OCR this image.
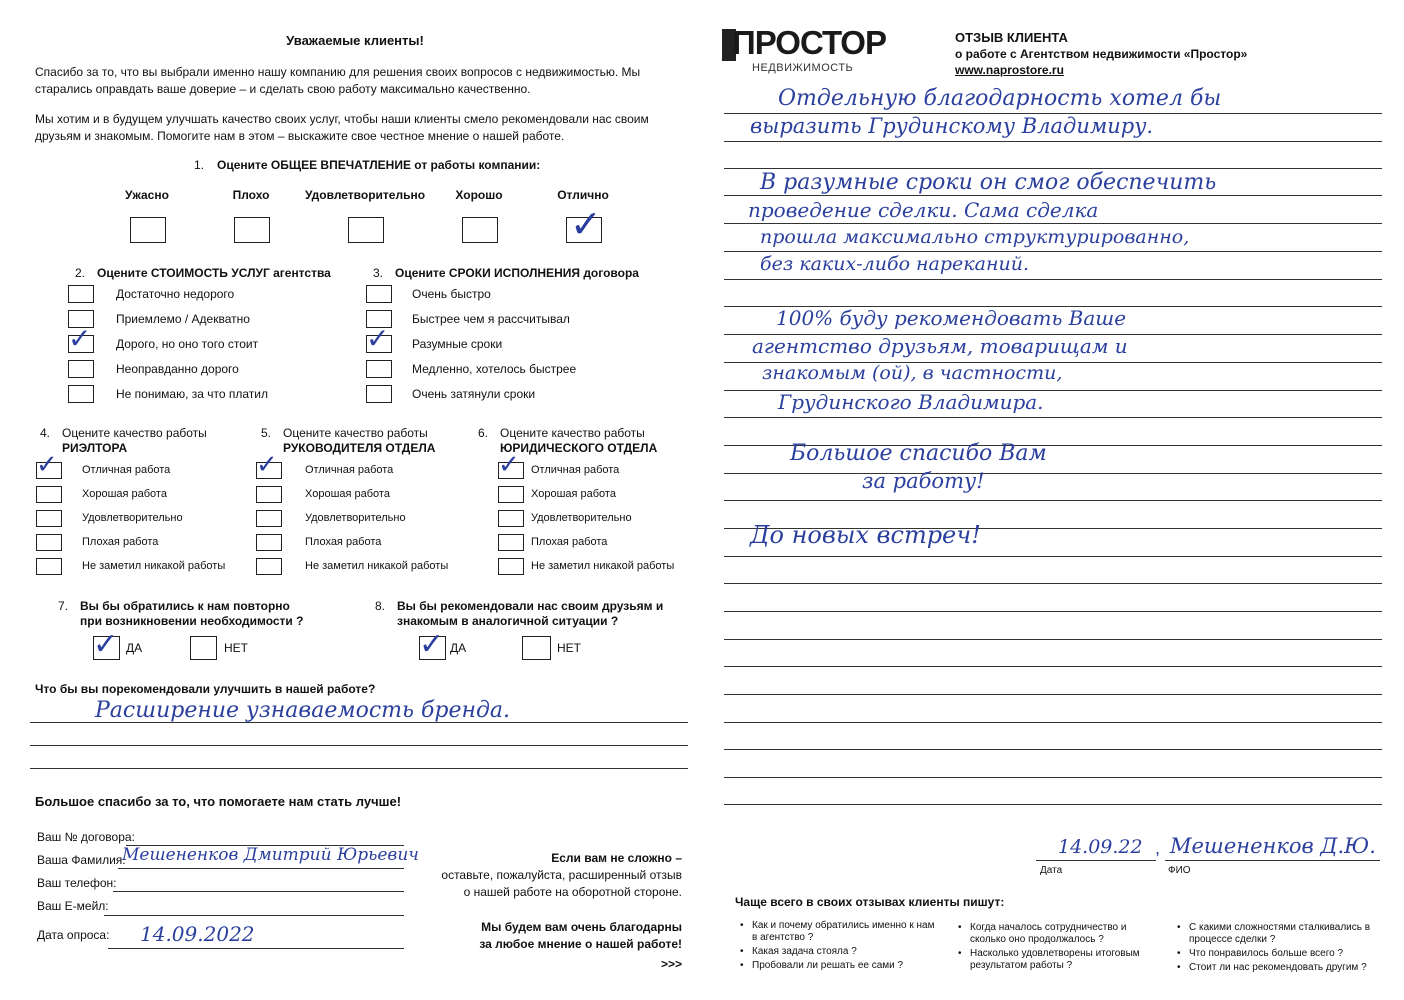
Уважаемые клиенты!
Спасибо за то, что вы выбрали именно нашу компанию для решения своих вопросов с недвижимостью. Мы старались оправдать ваше доверие – и сделать свою работу максимально качественно.
Мы хотим и в будущем улучшать качество своих услуг, чтобы наши клиенты смело рекомендовали нас своим друзьям и знакомым. Помогите нам в этом – выскажите свое честное мнение о нашей работе.
1. Оцените ОБЩЕЕ ВПЕЧАТЛЕНИЕ от работы компании:
Ужасно	Плохо	Удовлетворительно	Хорошо	Отлично
✓
2. Оцените СТОИМОСТЬ УСЛУГ агентства
Достаточно недорого
Приемлемо / Адекватно
Дорого, но оно того стоит
✓
Неоправданно дорого
Не понимаю, за что платил
3. Оцените СРОКИ ИСПОЛНЕНИЯ договора
Очень быстро
Быстрее чем я рассчитывал
Разумные сроки
✓
Медленно, хотелось быстрее
Очень затянули сроки
4. Оцените качество работы
РИЭЛТОРА
5. Оцените качество работы
РУКОВОДИТЕЛЯ ОТДЕЛА
6. Оцените качество работы
ЮРИДИЧЕСКОГО ОТДЕЛА
Отличная работа
✓
Хорошая работа
Удовлетворительно
Плохая работа
Не заметил никакой работы
Отличная работа
✓
Хорошая работа
Удовлетворительно
Плохая работа
Не заметил никакой работы
Отличная работа
✓
Хорошая работа
Удовлетворительно
Плохая работа
Не заметил никакой работы
7. Вы бы обратились к нам повторно
при возникновении необходимости ?
✓ ДА	НЕТ
8. Вы бы рекомендовали нас своим друзьям и
знакомым в аналогичной ситуации ?
✓ ДА	НЕТ
Что бы вы порекомендовали улучшить в нашей работе?
Расширение узнаваемость бренда.
Большое спасибо за то, что помогаете нам стать лучше!
Ваш № договора:
Ваша Фамилия:
Мешененков Дмитрий Юрьевич
Ваш телефон:
Ваш Е-мейл:
Дата опроса: 14.09.2022
Если вам не сложно –
оставьте, пожалуйста, расширенный отзыв
о нашей работе на оборотной стороне.
Мы будем вам очень благодарны
за любое мнение о нашей работе!
>>>
ПРОСТОР
НЕДВИЖИМОСТЬ
ОТЗЫВ КЛИЕНТА
о работе с Агентством недвижимости «Простор»
www.naprostore.ru
Отдельную благодарность хотел бы
выразить Грудинскому Владимиру.
В разумные сроки он смог обеспечить
проведение сделки. Сама сделка
прошла максимально структурированно,
без каких-либо нареканий.
100% буду рекомендовать Ваше
агентство друзьям, товарищам и
знакомым (ой), в частности,
Грудинского Владимира.
Большое спасибо Вам
за работу!
До новых встреч!
14.09.22 , Мешененков Д.Ю.
Дата	ФИО
Чаще всего в своих отзывах клиенты пишут:
• Как и почему обратились именно к нам в агентство ?
• Какая задача стояла ?
• Пробовали ли решать ее сами ?
• Когда началось сотрудничество и сколько оно продолжалось ?
• Насколько удовлетворены итоговым результатом работы ?
• С какими сложностями сталкивались в процессе сделки ?
• Что понравилось больше всего ?
• Стоит ли нас рекомендовать другим ?
